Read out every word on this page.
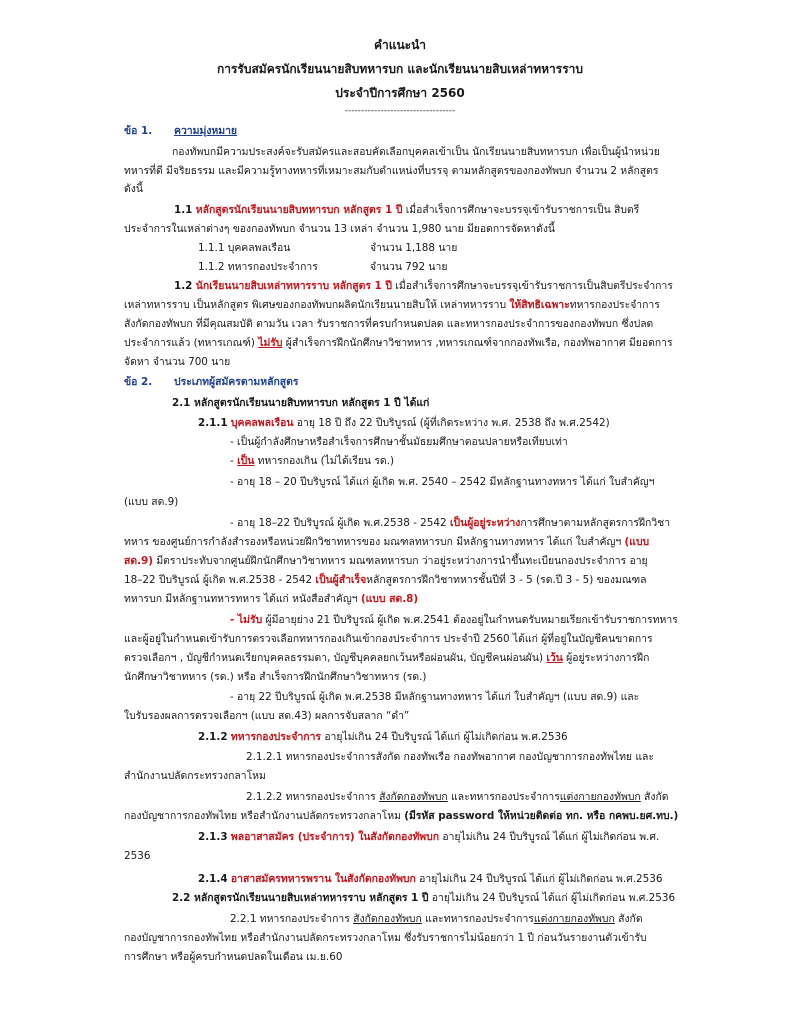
คำแนะนำ
การรับสมัครนักเรียนนายสิบทหารบก และนักเรียนนายสิบเหล่าทหารราบ
ประจำปีการศึกษา 2560
----------------------------------
ข้อ 1. ความมุ่งหมาย
กองทัพบกมีความประสงค์จะรับสมัครและสอบคัดเลือกบุคคลเข้าเป็น นักเรียนนายสิบทหารบก เพื่อเป็นผู้นำหน่วย
ทหารที่ดี มีจริยธรรม และมีความรู้ทางทหารที่เหมาะสมกับตำแหน่งที่บรรจุ ตามหลักสูตรของกองทัพบก จำนวน 2 หลักสูตร
ดังนี้
1.1 หลักสูตรนักเรียนนายสิบทหารบก หลักสูตร 1 ปี เมื่อสำเร็จการศึกษาจะบรรจุเข้ารับราชการเป็น สิบตรี
ประจำการในเหล่าต่างๆ ของกองทัพบก จำนวน 13 เหล่า จำนวน 1,980 นาย มียอดการจัดหาดังนี้
1.1.1 บุคคลพลเรือน	จำนวน 1,188 นาย
1.1.2 ทหารกองประจำการ	จำนวน 792 นาย
1.2 นักเรียนนายสิบเหล่าทหารราบ หลักสูตร 1 ปี เมื่อสำเร็จการศึกษาจะบรรจุเข้ารับราชการเป็นสิบตรีประจำการ
เหล่าทหารราบ เป็นหลักสูตร พิเศษของกองทัพบกผลิตนักเรียนนายสิบให้ เหล่าทหารราบ ให้สิทธิเฉพาะทหารกองประจำการ
สังกัดกองทัพบก ที่มีคุณสมบัติ ตามวัน เวลา รับราชการที่ครบกำหนดปลด และทหารกองประจำการของกองทัพบก ซึ่งปลด
ประจำการแล้ว (ทหารเกณฑ์) ไม่รับ ผู้สำเร็จการฝึกนักศึกษาวิชาทหาร ,ทหารเกณฑ์จากกองทัพเรือ, กองทัพอากาศ มียอดการ
จัดหา จำนวน 700 นาย
ข้อ 2. ประเภทผู้สมัครตามหลักสูตร
2.1 หลักสูตรนักเรียนนายสิบทหารบก หลักสูตร 1 ปี ได้แก่
2.1.1 บุคคลพลเรือน อายุ 18 ปี ถึง 22 ปีบริบูรณ์ (ผู้ที่เกิดระหว่าง พ.ศ. 2538 ถึง พ.ศ.2542)
- เป็นผู้กำลังศึกษาหรือสำเร็จการศึกษาชั้นมัธยมศึกษาตอนปลายหรือเทียบเท่า
- เป็น ทหารกองเกิน (ไม่ได้เรียน รด.)
- อายุ 18 – 20 ปีบริบูรณ์ ได้แก่ ผู้เกิด พ.ศ. 2540 – 2542 มีหลักฐานทางทหาร ได้แก่ ใบสำคัญฯ
(แบบ สด.9)
- อายุ 18–22 ปีบริบูรณ์ ผู้เกิด พ.ศ.2538 - 2542 เป็นผู้อยู่ระหว่างการศึกษาตามหลักสูตรการฝึกวิชา
ทหาร ของศูนย์การกำลังสำรองหรือหน่วยฝึกวิชาทหารของ มณฑลทหารบก มีหลักฐานทางทหาร ได้แก่ ใบสำคัญฯ (แบบ
สด.9) มีตราประทับจากศูนย์ฝึกนักศึกษาวิชาทหาร มณฑลทหารบก ว่าอยู่ระหว่างการนำขึ้นทะเบียนกองประจำการ อายุ
18–22 ปีบริบูรณ์ ผู้เกิด พ.ศ.2538 - 2542 เป็นผู้สำเร็จหลักสูตรการฝึกวิชาทหารชั้นปีที่ 3 - 5 (รด.ปี 3 - 5) ของมณฑล
ทหารบก มีหลักฐานทหารทหาร ได้แก่ หนังสือสำคัญฯ (แบบ สด.8)
- ไม่รับ ผู้มีอายุย่าง 21 ปีบริบูรณ์ ผู้เกิด พ.ศ.2541 ต้องอยู่ในกำหนดรับหมายเรียกเข้ารับราชการทหาร
และผู้อยู่ในกำหนดเข้ารับการตรวจเลือกทหารกองเกินเข้ากองประจำการ ประจำปี 2560 ได้แก่ ผู้ที่อยู่ในบัญชีคนขาดการ
ตรวจเลือกฯ , บัญชีกำหนดเรียกบุคคลธรรมดา, บัญชีบุคคลยกเว้นหรือผ่อนผัน, บัญชีคนผ่อนผัน) เว้น ผู้อยู่ระหว่างการฝึก
นักศึกษาวิชาทหาร (รด.) หรือ สำเร็จการฝึกนักศึกษาวิชาทหาร (รด.)
- อายุ 22 ปีบริบูรณ์ ผู้เกิด พ.ศ.2538 มีหลักฐานทางทหาร ได้แก่ ใบสำคัญฯ (แบบ สด.9) และ
ใบรับรองผลการตรวจเลือกฯ (แบบ สด.43) ผลการจับสลาก “ดำ”
2.1.2 ทหารกองประจำการ อายุไม่เกิน 24 ปีบริบูรณ์ ได้แก่ ผู้ไม่เกิดก่อน พ.ศ.2536
2.1.2.1 ทหารกองประจำการสังกัด กองทัพเรือ กองทัพอากาศ กองบัญชาการกองทัพไทย และ
สำนักงานปลัดกระทรวงกลาโหม
2.1.2.2 ทหารกองประจำการ สังกัดกองทัพบก และทหารกองประจำการแต่งกายกองทัพบก สังกัด
กองบัญชาการกองทัพไทย หรือสำนักงานปลัดกระทรวงกลาโหม (มีรหัส password ให้หน่วยติดต่อ ทก. หรือ กคพบ.ยศ.ทบ.)
2.1.3 พลอาสาสมัคร (ประจำการ) ในสังกัดกองทัพบก อายุไม่เกิน 24 ปีบริบูรณ์ ได้แก่ ผู้ไม่เกิดก่อน พ.ศ.
2536
2.1.4 อาสาสมัครทหารพราน ในสังกัดกองทัพบก อายุไม่เกิน 24 ปีบริบูรณ์ ได้แก่ ผู้ไม่เกิดก่อน พ.ศ.2536
2.2 หลักสูตรนักเรียนนายสิบเหล่าทหารราบ หลักสูตร 1 ปี อายุไม่เกิน 24 ปีบริบูรณ์ ได้แก่ ผู้ไม่เกิดก่อน พ.ศ.2536
2.2.1 ทหารกองประจำการ สังกัดกองทัพบก และทหารกองประจำการแต่งกายกองทัพบก สังกัด
กองบัญชาการกองทัพไทย หรือสำนักงานปลัดกระทรวงกลาโหม ซึ่งรับราชการไม่น้อยกว่า 1 ปี ก่อนวันรายงานตัวเข้ารับ
การศึกษา หรือผู้ครบกำหนดปลดในเดือน เม.ย.60
